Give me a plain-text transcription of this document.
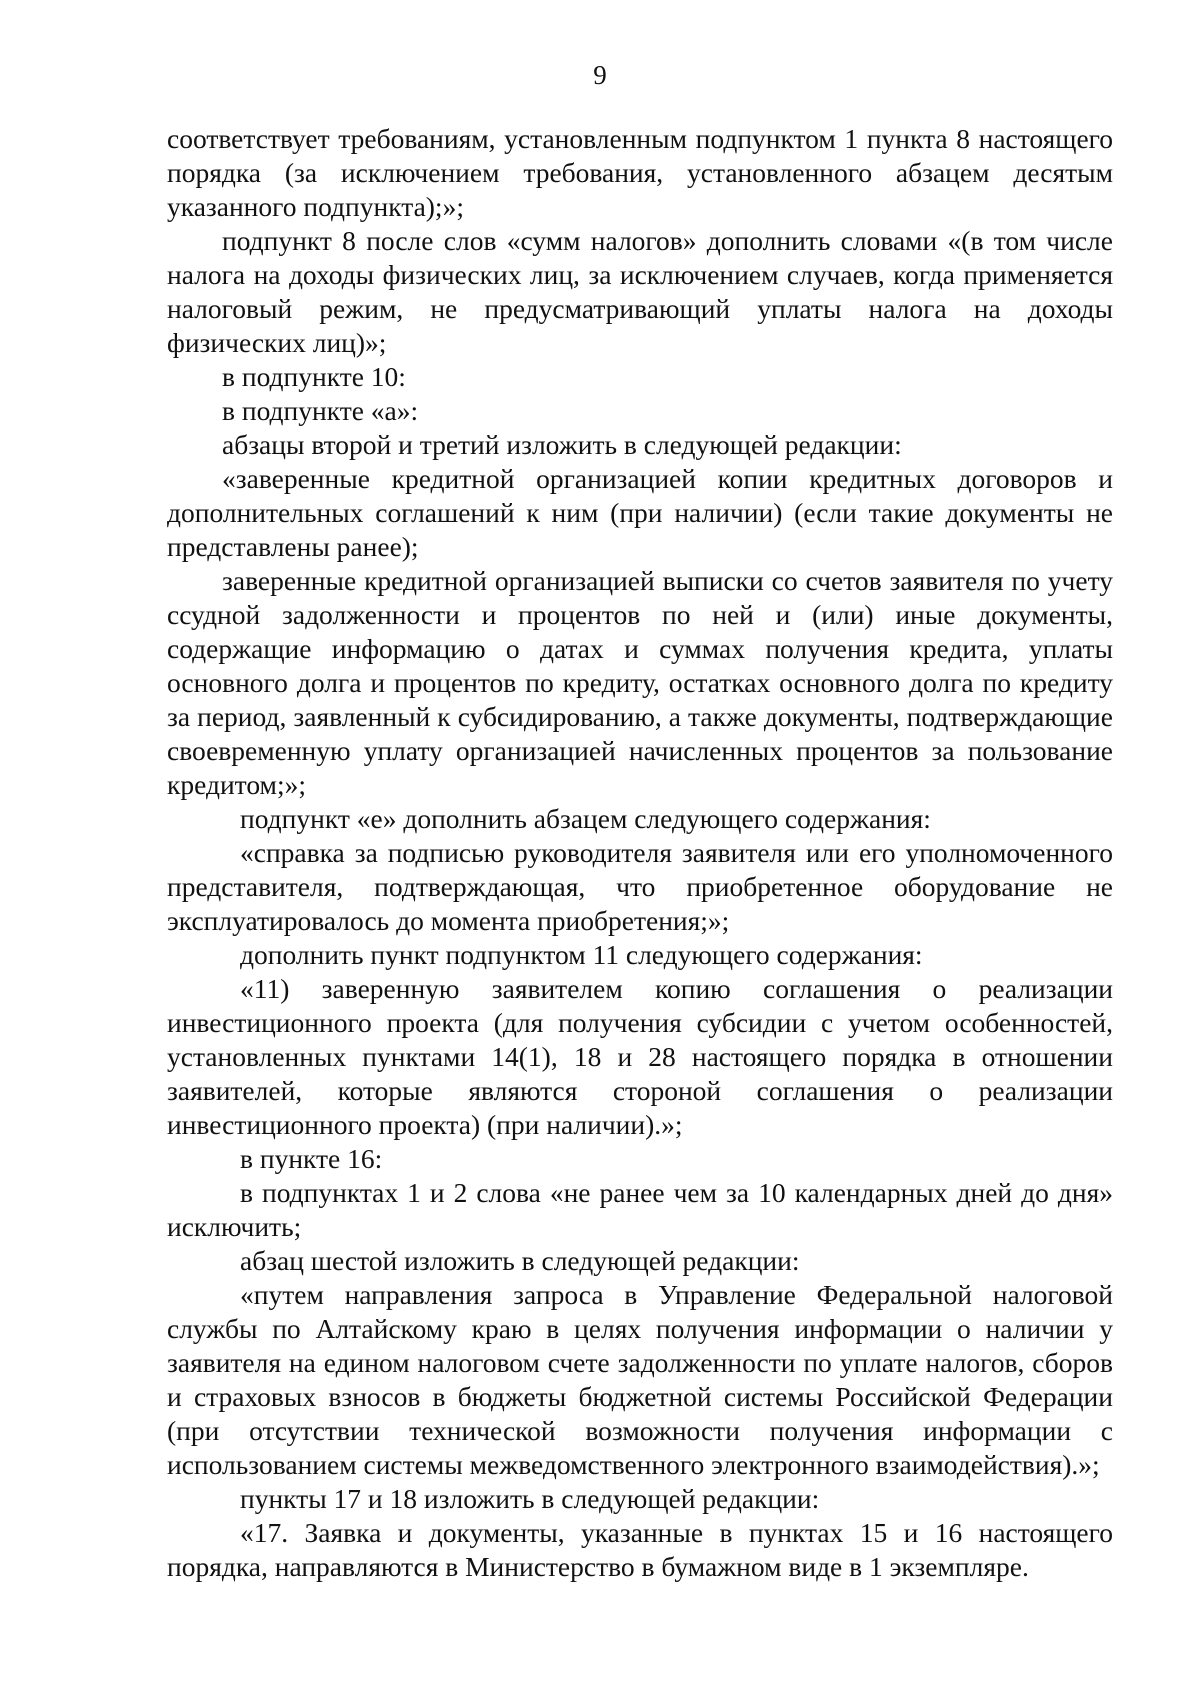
9

соответствует требованиям, установленным подпунктом 1 пункта 8 настоящего порядка (за исключением требования, установленного абзацем десятым указанного подпункта);»;

подпункт 8 после слов «сумм налогов» дополнить словами «(в том числе налога на доходы физических лиц, за исключением случаев, когда применяется налоговый режим, не предусматривающий уплаты налога на доходы физических лиц)»;

в подпункте 10:

в подпункте «а»:

абзацы второй и третий изложить в следующей редакции:

«заверенные кредитной организацией копии кредитных договоров и дополнительных соглашений к ним (при наличии) (если такие документы не представлены ранее);

заверенные кредитной организацией выписки со счетов заявителя по учету ссудной задолженности и процентов по ней и (или) иные документы, содержащие информацию о датах и суммах получения кредита, уплаты основного долга и процентов по кредиту, остатках основного долга по кредиту за период, заявленный к субсидированию, а также документы, подтверждающие своевременную уплату организацией начисленных процентов за пользование кредитом;»;

подпункт «е» дополнить абзацем следующего содержания:

«справка за подписью руководителя заявителя или его уполномоченного представителя, подтверждающая, что приобретенное оборудование не эксплуатировалось до момента приобретения;»;

дополнить пункт подпунктом 11 следующего содержания:

«11) заверенную заявителем копию соглашения о реализации инвестиционного проекта (для получения субсидии с учетом особенностей, установленных пунктами 14(1), 18 и 28 настоящего порядка в отношении заявителей, которые являются стороной соглашения о реализации инвестиционного проекта) (при наличии).»;

в пункте 16:

в подпунктах 1 и 2 слова «не ранее чем за 10 календарных дней до дня» исключить;

абзац шестой изложить в следующей редакции:

«путем направления запроса в Управление Федеральной налоговой службы по Алтайскому краю в целях получения информации о наличии у заявителя на едином налоговом счете задолженности по уплате налогов, сборов и страховых взносов в бюджеты бюджетной системы Российской Федерации (при отсутствии технической возможности получения информации с использованием системы межведомственного электронного взаимодействия).»;

пункты 17 и 18 изложить в следующей редакции:

«17. Заявка и документы, указанные в пунктах 15 и 16 настоящего порядка, направляются в Министерство в бумажном виде в 1 экземпляре.
